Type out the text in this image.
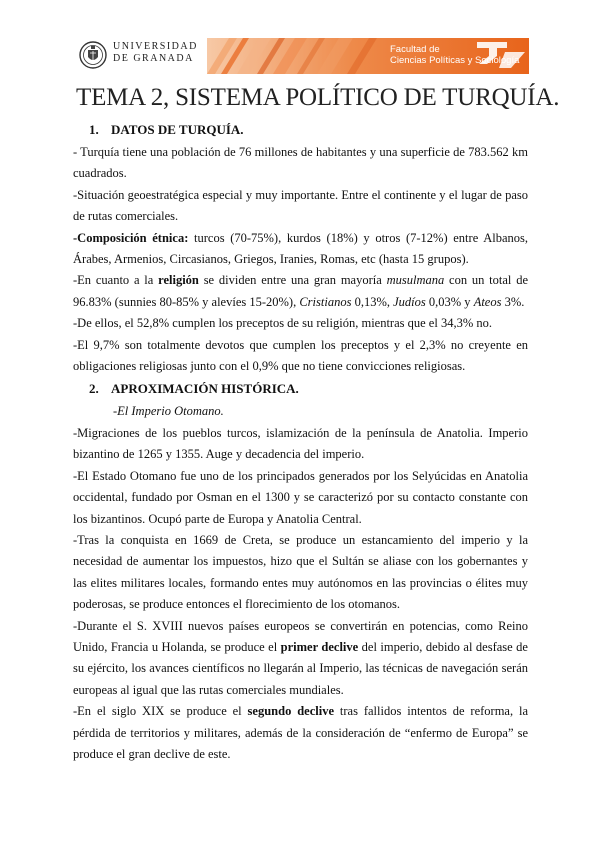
UNIVERSIDAD
DE GRANADA
Facultad de
Ciencias Políticas y Sociología
TEMA 2, SISTEMA POLÍTICO DE TURQUÍA.

1. DATOS DE TURQUÍA.

- Turquía tiene una población de 76 millones de habitantes y una superficie de 783.562 km cuadrados.

-Situación geoestratégica especial y muy importante. Entre el continente y el lugar de paso de rutas comerciales.

-Composición étnica: turcos (70-75%), kurdos (18%) y otros (7-12%) entre Albanos, Árabes, Armenios, Circasianos, Griegos, Iranies, Romas, etc (hasta 15 grupos).

-En cuanto a la religión se dividen entre una gran mayoría musulmana con un total de 96.83% (sunnies 80-85% y alevíes 15-20%), Cristianos 0,13%, Judíos 0,03% y Ateos 3%.

-De ellos, el 52,8% cumplen los preceptos de su religión, mientras que el 34,3% no.

-El 9,7% son totalmente devotos que cumplen los preceptos y el 2,3% no creyente en obligaciones religiosas junto con el 0,9% que no tiene convicciones religiosas.

2. APROXIMACIÓN HISTÓRICA.

-El Imperio Otomano.

-Migraciones de los pueblos turcos, islamización de la península de Anatolia. Imperio bizantino de 1265 y 1355. Auge y decadencia del imperio.

-El Estado Otomano fue uno de los principados generados por los Selyúcidas en Anatolia occidental, fundado por Osman en el 1300 y se caracterizó por su contacto constante con los bizantinos. Ocupó parte de Europa y Anatolia Central.

-Tras la conquista en 1669 de Creta, se produce un estancamiento del imperio y la necesidad de aumentar los impuestos, hizo que el Sultán se aliase con los gobernantes y las elites militares locales, formando entes muy autónomos en las provincias o élites muy poderosas, se produce entonces el florecimiento de los otomanos.

-Durante el S. XVIII nuevos países europeos se convertirán en potencias, como Reino Unido, Francia u Holanda, se produce el primer declive del imperio, debido al desfase de su ejército, los avances científicos no llegarán al Imperio, las técnicas de navegación serán europeas al igual que las rutas comerciales mundiales.

-En el siglo XIX se produce el segundo declive tras fallidos intentos de reforma, la pérdida de territorios y militares, además de la consideración de “enfermo de Europa” se produce el gran declive de este.
